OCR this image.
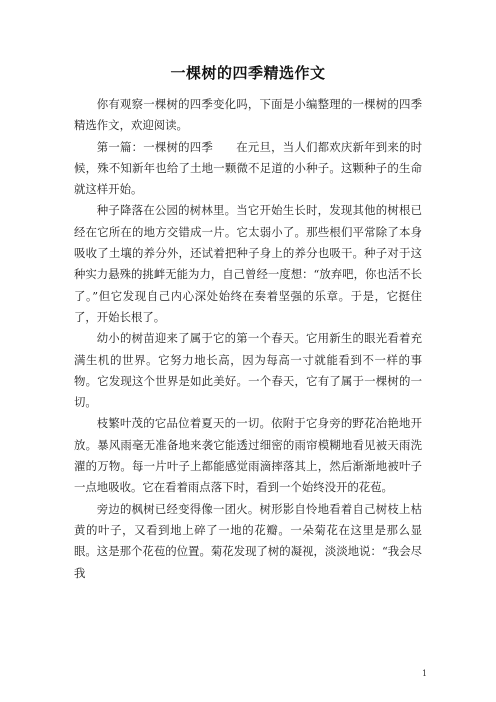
一棵树的四季精选作文

你有观察一棵树的四季变化吗，下面是小编整理的一棵树的四季精选作文，欢迎阅读。

第一篇：一棵树的四季　　在元旦，当人们都欢庆新年到来的时候，殊不知新年也给了土地一颗微不足道的小种子。这颗种子的生命就这样开始。

种子降落在公园的树林里。当它开始生长时，发现其他的树根已经在它所在的地方交错成一片。它太弱小了。那些根们平常除了本身吸收了土壤的养分外，还试着把种子身上的养分也吸干。种子对于这种实力悬殊的挑衅无能为力，自己曾经一度想：“放弃吧，你也活不长了。”但它发现自己内心深处始终在奏着坚强的乐章。于是，它挺住了，开始长根了。

幼小的树苗迎来了属于它的第一个春天。它用新生的眼光看着充满生机的世界。它努力地长高，因为每高一寸就能看到不一样的事物。它发现这个世界是如此美好。一个春天，它有了属于一棵树的一切。

枝繁叶茂的它品位着夏天的一切。依附于它身旁的野花冶艳地开放。暴风雨毫无准备地来袭它能透过细密的雨帘模糊地看见被天雨洗濯的万物。每一片叶子上都能感觉雨滴摔落其上，然后渐渐地被叶子一点地吸收。它在看着雨点落下时，看到一个始终没开的花苞。

旁边的枫树已经变得像一团火。树形影自怜地看着自己树枝上枯黄的叶子，又看到地上碎了一地的花瓣。一朵菊花在这里是那么显眼。这是那个花苞的位置。菊花发现了树的凝视，淡淡地说：“我会尽我

1
